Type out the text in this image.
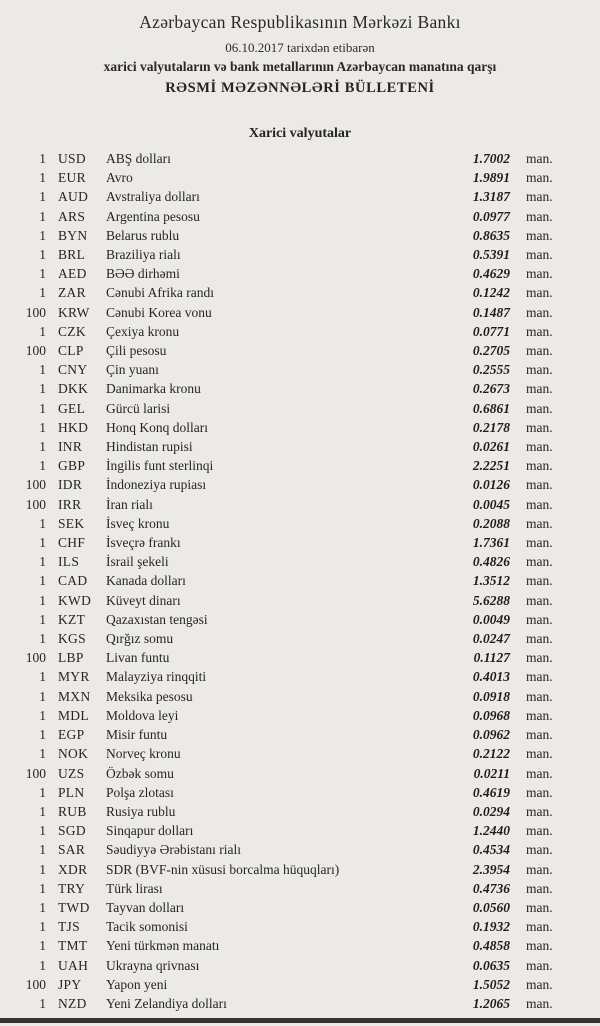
Azərbaycan Respublikasının Mərkəzi Bankı
06.10.2017 tarixdən etibarən
xarici valyutaların və bank metallarının Azərbaycan manatına qarşı
RƏSMİ MƏZƏNNƏLƏRİ BÜLLETENİ
Xarici valyutalar
1 USD	ABŞ dolları	1.7002 man.
1 EUR	Avro	1.9891 man.
1 AUD	Avstraliya dolları	1.3187 man.
1 ARS	Argentina pesosu	0.0977 man.
1 BYN	Belarus rublu	0.8635 man.
1 BRL	Braziliya rialı	0.5391 man.
1 AED	BƏƏ dirhəmi	0.4629 man.
1 ZAR	Cənubi Afrika randı	0.1242 man.
100 KRW	Cənubi Korea vonu	0.1487 man.
1 CZK	Çexiya kronu	0.0771 man.
100 CLP	Çili pesosu	0.2705 man.
1 CNY	Çin yuanı	0.2555 man.
1 DKK	Danimarka kronu	0.2673 man.
1 GEL	Gürcü larisi	0.6861 man.
1 HKD	Honq Konq dolları	0.2178 man.
1 INR	Hindistan rupisi	0.0261 man.
1 GBP	İngilis funt sterlinqi	2.2251 man.
100 IDR	İndoneziya rupiası	0.0126 man.
100 IRR	İran rialı	0.0045 man.
1 SEK	İsveç kronu	0.2088 man.
1 CHF	İsveçrə frankı	1.7361 man.
1 ILS	İsrail şekeli	0.4826 man.
1 CAD	Kanada dolları	1.3512 man.
1 KWD	Küveyt dinarı	5.6288 man.
1 KZT	Qazaxıstan tengəsi	0.0049 man.
1 KGS	Qırğız somu	0.0247 man.
100 LBP	Livan funtu	0.1127 man.
1 MYR	Malayziya rinqqiti	0.4013 man.
1 MXN	Meksika pesosu	0.0918 man.
1 MDL	Moldova leyi	0.0968 man.
1 EGP	Misir funtu	0.0962 man.
1 NOK	Norveç kronu	0.2122 man.
100 UZS	Özbək somu	0.0211 man.
1 PLN	Polşa zlotası	0.4619 man.
1 RUB	Rusiya rublu	0.0294 man.
1 SGD	Sinqapur dolları	1.2440 man.
1 SAR	Səudiyyə Ərəbistanı rialı	0.4534 man.
1 XDR	SDR (BVF-nin xüsusi borcalma hüquqları)	2.3954 man.
1 TRY	Türk lirası	0.4736 man.
1 TWD	Tayvan dolları	0.0560 man.
1 TJS	Tacik somonisi	0.1932 man.
1 TMT	Yeni türkmən manatı	0.4858 man.
1 UAH	Ukrayna qrivnası	0.0635 man.
100 JPY	Yapon yeni	1.5052 man.
1 NZD	Yeni Zelandiya dolları	1.2065 man.
